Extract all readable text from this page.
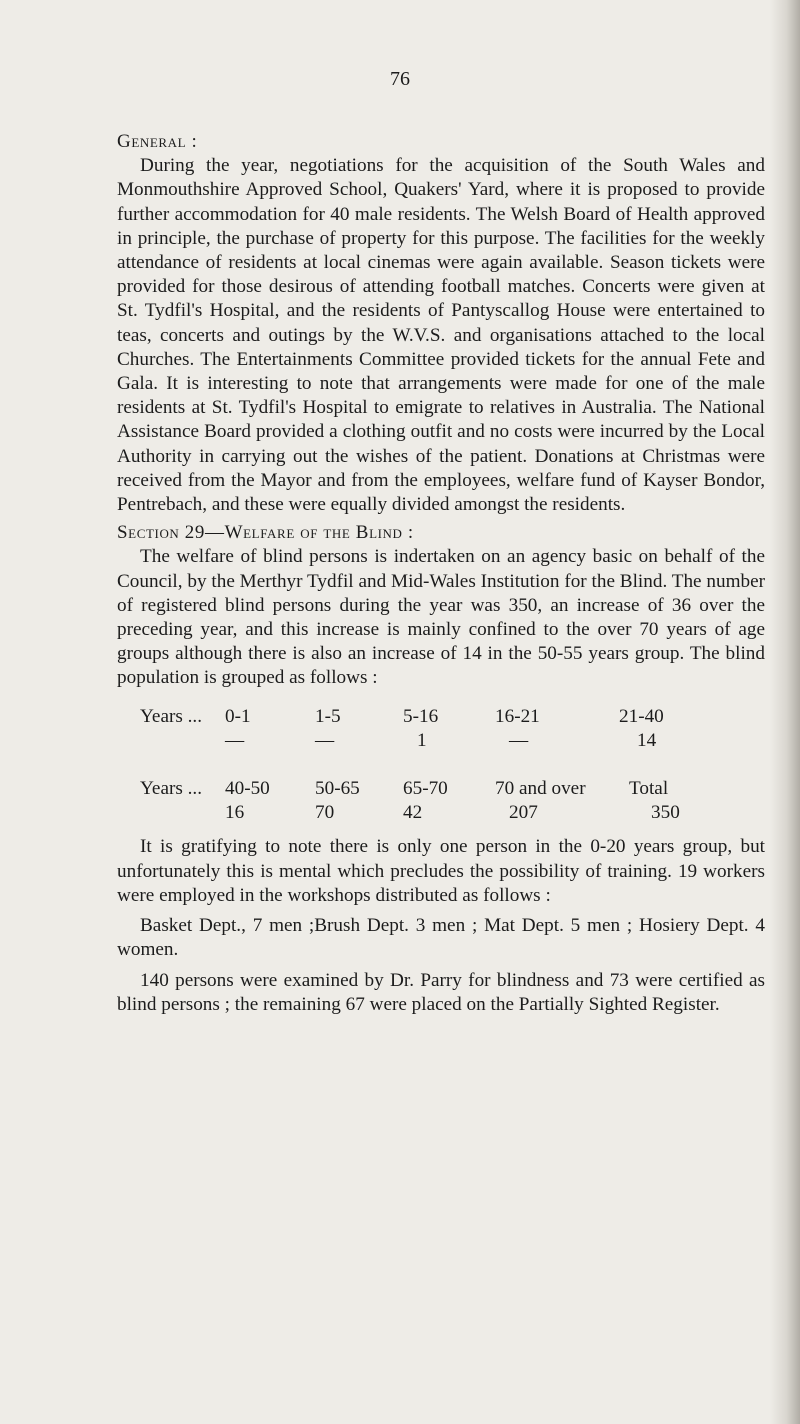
76

General :

During the year, negotiations for the acquisition of the South Wales and Monmouthshire Approved School, Quakers' Yard, where it is proposed to provide further accommodation for 40 male residents. The Welsh Board of Health approved in principle, the purchase of property for this purpose. The facilities for the weekly attendance of residents at local cinemas were again available. Season tickets were provided for those desirous of attending football matches. Concerts were given at St. Tydfil's Hospital, and the residents of Pantyscallog House were entertained to teas, concerts and outings by the W.V.S. and organisations attached to the local Churches. The Entertainments Committee provided tickets for the annual Fete and Gala. It is interesting to note that arrangements were made for one of the male residents at St. Tydfil's Hospital to emigrate to relatives in Australia. The National Assistance Board provided a clothing outfit and no costs were incurred by the Local Authority in carrying out the wishes of the patient. Donations at Christmas were received from the Mayor and from the employees, welfare fund of Kayser Bondor, Pentrebach, and these were equally divided amongst the residents.

Section 29—Welfare of the Blind :

The welfare of blind persons is indertaken on an agency basic on behalf of the Council, by the Merthyr Tydfil and Mid-Wales Institution for the Blind. The number of registered blind persons during the year was 350, an increase of 36 over the preceding year, and this increase is mainly confined to the over 70 years of age groups although there is also an increase of 14 in the 50-55 years group. The blind population is grouped as follows :

Years ...	0-1	1-5	5-16	16-21	21-40
	—	—	1	—	14

Years ...	40-50	50-65	65-70	70 and over	Total
	16	70	42	207	350

It is gratifying to note there is only one person in the 0-20 years group, but unfortunately this is mental which precludes the possibility of training. 19 workers were employed in the workshops distributed as follows :

Basket Dept., 7 men ;Brush Dept. 3 men ; Mat Dept. 5 men ; Hosiery Dept. 4 women.

140 persons were examined by Dr. Parry for blindness and 73 were certified as blind persons ; the remaining 67 were placed on the Partially Sighted Register.
